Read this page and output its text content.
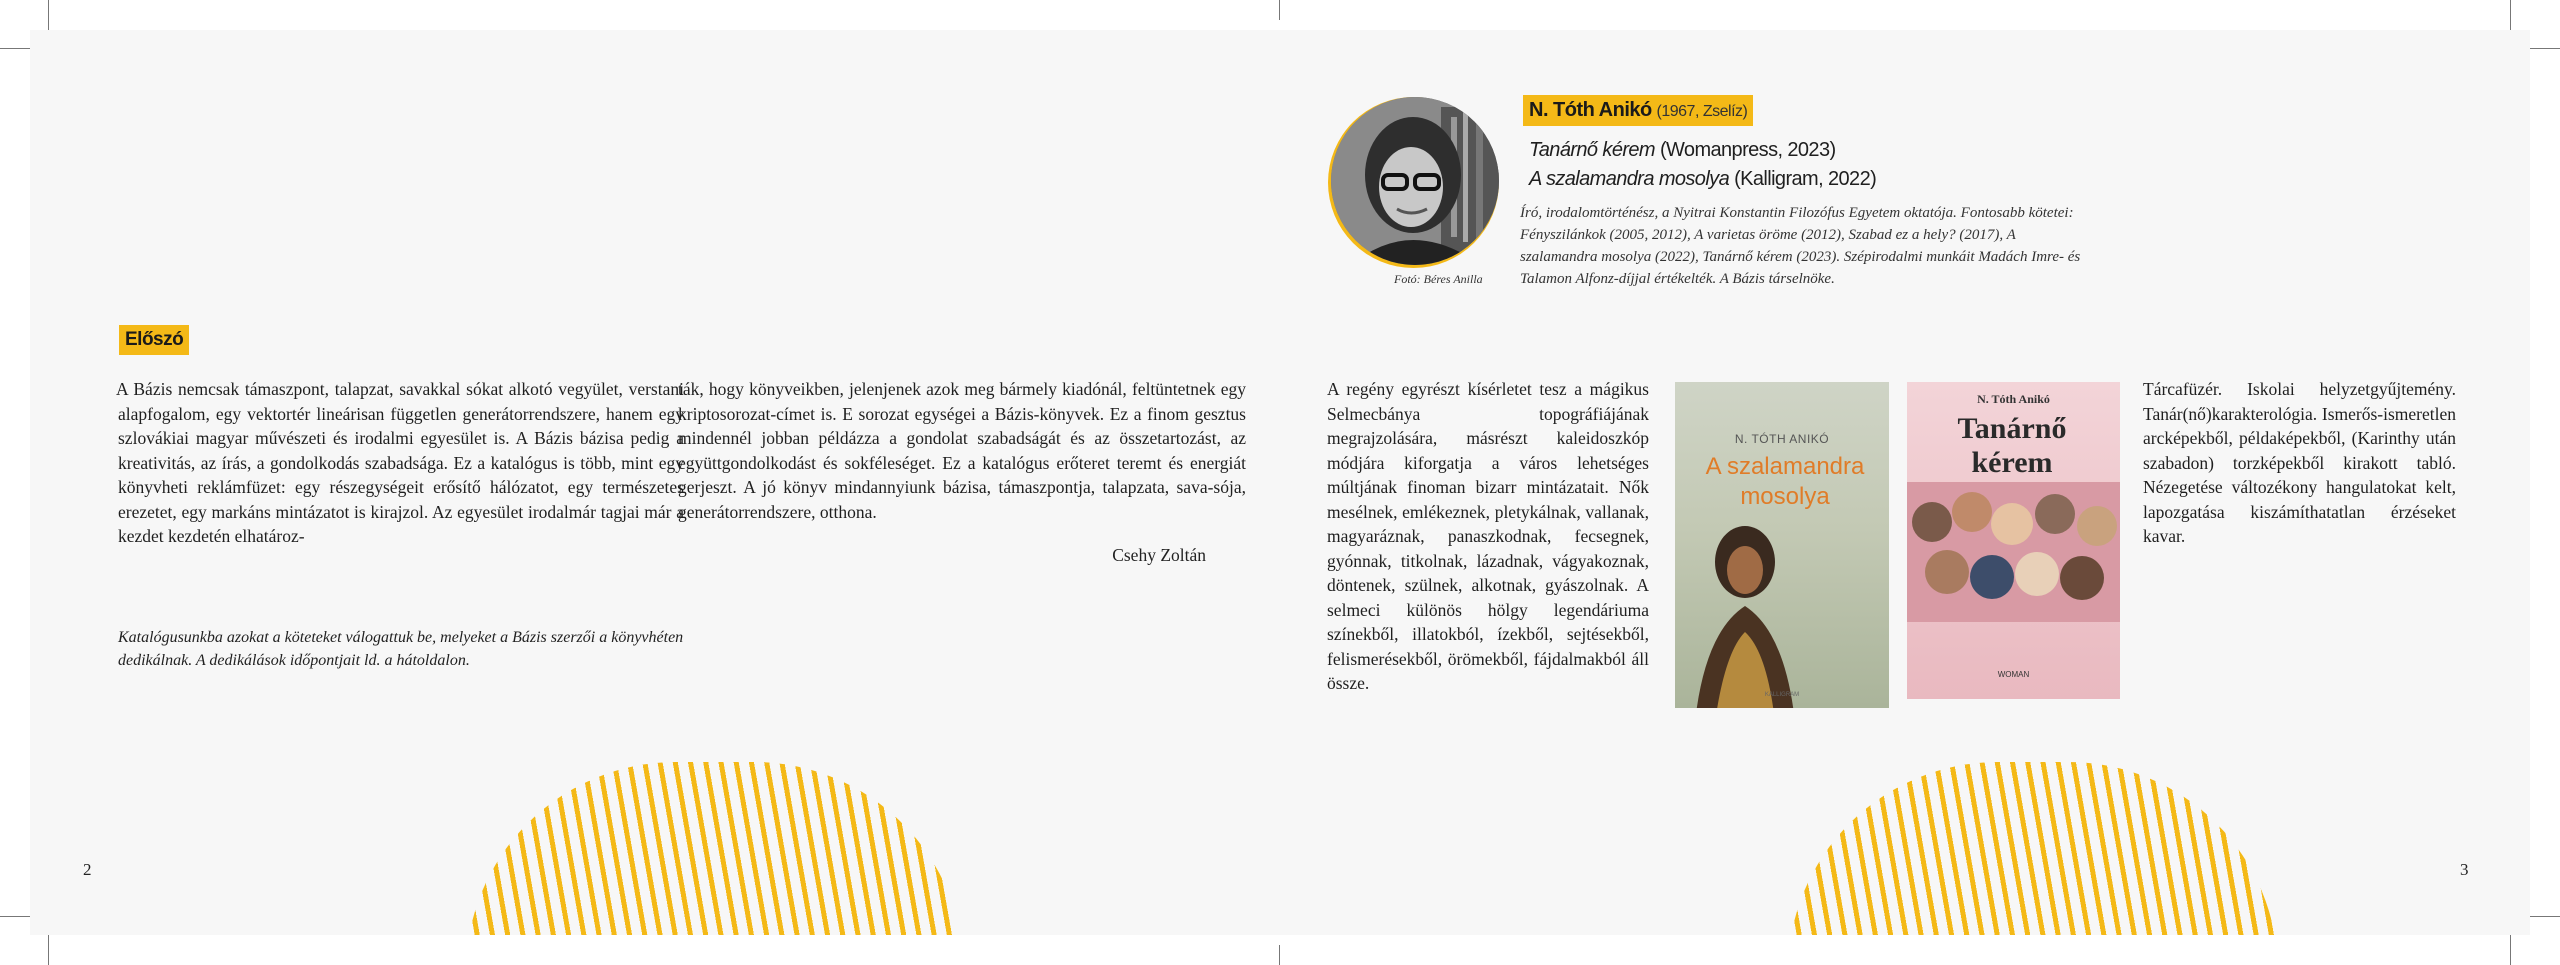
Előszó

A Bázis nemcsak támaszpont, talapzat, savakkal sókat alkotó vegyület, verstani alapfogalom, egy vektortér lineárisan független generátorrendszere, hanem egy szlovákiai magyar művészeti és irodalmi egyesület is. A Bázis bázisa pedig a kreativitás, az írás, a gondolkodás szabadsága. Ez a katalógus is több, mint egy könyvheti reklámfüzet: egy részegységeit erősítő hálózatot, egy természetes erezetet, egy markáns mintázatot is kirajzol. Az egyesület irodalmár tagjai már a kezdet kezdetén elhatároz-

ták, hogy könyveikben, jelenjenek azok meg bármely kiadónál, feltüntetnek egy kriptosorozat-címet is. E sorozat egységei a Bázis-könyvek. Ez a finom gesztus mindennél jobban példázza a gondolat szabadságát és az összetartozást, az együttgondolkodást és sokféleséget. Ez a katalógus erőteret teremt és energiát gerjeszt. A jó könyv mindannyiunk bázisa, támaszpontja, talapzata, sava-sója, generátorrendszere, otthona.

Csehy Zoltán
Katalógusunkba azokat a köteteket válogattuk be, melyeket a Bázis szerzői a könyvhéten dedikálnak. A dedikálások időpontjait ld. a hátoldalon.
2
Fotó: Béres Anilla
N. Tóth Anikó (1967, Zselíz)
Tanárnő kérem (Womanpress, 2023)
A szalamandra mosolya (Kalligram, 2022)
Író, irodalomtörténész, a Nyitrai Konstantin Filozófus Egyetem oktatója. Fontosabb kötetei: Fényszilánkok (2005, 2012), A varietas öröme (2012), Szabad ez a hely? (2017), A szalamandra mosolya (2022), Tanárnő kérem (2023). Szépirodalmi munkáit Madách Imre- és Talamon Alfonz-díjjal értékelték. A Bázis társelnöke.

A regény egyrészt kísérletet tesz a mágikus Selmecbánya topográfiájának megrajzolására, másrészt kaleidoszkóp módjára kiforgatja a város lehetséges múltjának finoman bizarr mintázatait. Nők mesélnek, emlékeznek, pletykálnak, vallanak, magyaráznak, panaszkodnak, fecsegnek, gyónnak, titkolnak, lázadnak, vágyakoznak, döntenek, szülnek, alkotnak, gyászolnak. A selmeci különös hölgy legendáriuma színekből, illatokból, ízekből, sejtésekből, felismerésekből, örömekből, fájdalmakból áll össze.

N. TÓTH ANIKÓ
A szalamandra mosolya
KALLIGRAM
N. Tóth Anikó
Tanárnő kérem
WOMAN

Tárcafüzér. Iskolai helyzetgyűjtemény. Tanár(nő)karakterológia. Ismerős-ismeretlen arcképekből, példaképekből, (Karinthy után szabadon) torzképekből kirakott tabló. Nézegetése változékony hangulatokat kelt, lapozgatása kiszámíthatatlan érzéseket kavar.

3
